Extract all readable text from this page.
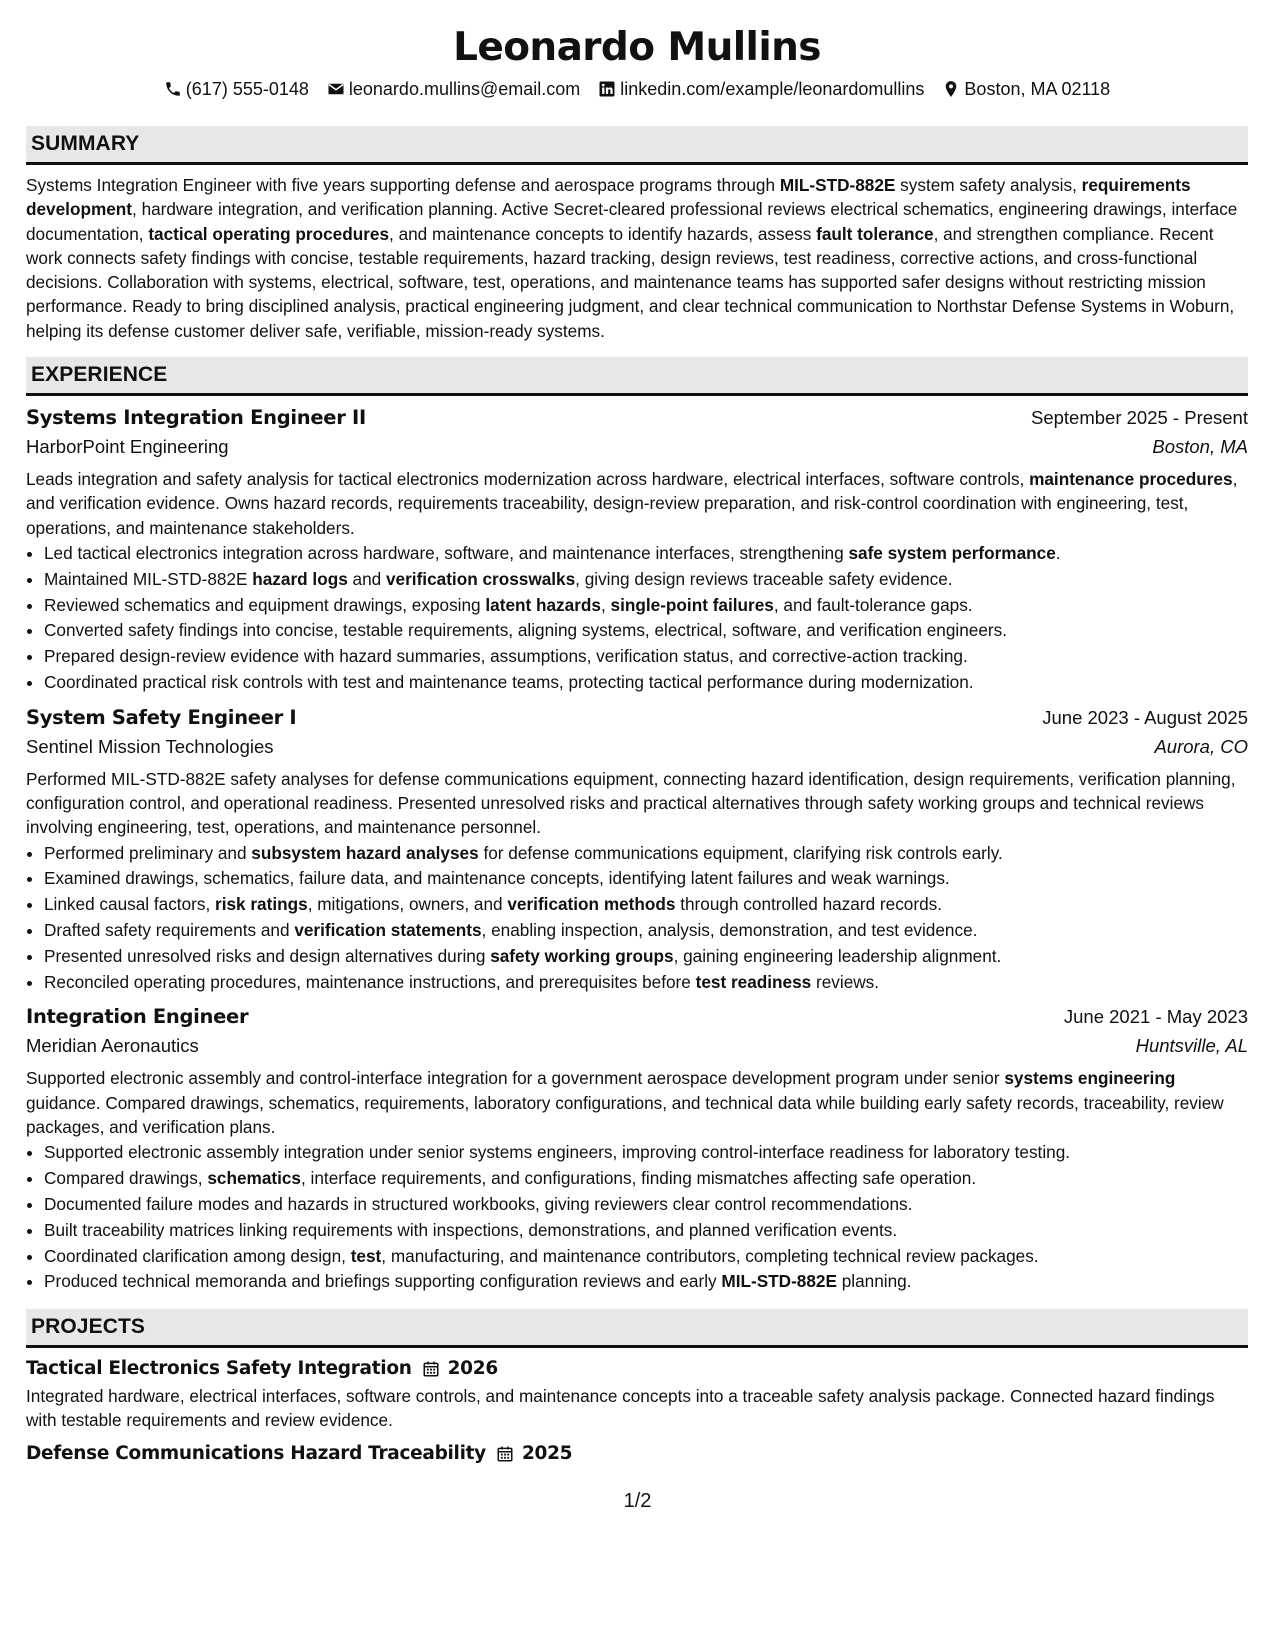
Leonardo Mullins
(617) 555-0148 leonardo.mullins@email.com linkedin.com/example/leonardomullins Boston, MA 02118
SUMMARY

Systems Integration Engineer with five years supporting defense and aerospace programs through MIL-STD-882E system safety analysis, requirements development, hardware integration, and verification planning. Active Secret-cleared professional reviews electrical schematics, engineering drawings, interface documentation, tactical operating procedures, and maintenance concepts to identify hazards, assess fault tolerance, and strengthen compliance. Recent work connects safety findings with concise, testable requirements, hazard tracking, design reviews, test readiness, corrective actions, and cross-functional decisions. Collaboration with systems, electrical, software, test, operations, and maintenance teams has supported safer designs without restricting mission performance. Ready to bring disciplined analysis, practical engineering judgment, and clear technical communication to Northstar Defense Systems in Woburn, helping its defense customer deliver safe, verifiable, mission-ready systems.

EXPERIENCE
Systems Integration Engineer II	September 2025 - Present
HarborPoint Engineering	Boston, MA

Leads integration and safety analysis for tactical electronics modernization across hardware, electrical interfaces, software controls, maintenance procedures, and verification evidence. Owns hazard records, requirements traceability, design-review preparation, and risk-control coordination with engineering, test, operations, and maintenance stakeholders.

• Led tactical electronics integration across hardware, software, and maintenance interfaces, strengthening safe system performance.
• Maintained MIL-STD-882E hazard logs and verification crosswalks, giving design reviews traceable safety evidence.
• Reviewed schematics and equipment drawings, exposing latent hazards, single-point failures, and fault-tolerance gaps.
• Converted safety findings into concise, testable requirements, aligning systems, electrical, software, and verification engineers.
• Prepared design-review evidence with hazard summaries, assumptions, verification status, and corrective-action tracking.
• Coordinated practical risk controls with test and maintenance teams, protecting tactical performance during modernization.
System Safety Engineer I	June 2023 - August 2025
Sentinel Mission Technologies	Aurora, CO

Performed MIL-STD-882E safety analyses for defense communications equipment, connecting hazard identification, design requirements, verification planning, configuration control, and operational readiness. Presented unresolved risks and practical alternatives through safety working groups and technical reviews involving engineering, test, operations, and maintenance personnel.

• Performed preliminary and subsystem hazard analyses for defense communications equipment, clarifying risk controls early.
• Examined drawings, schematics, failure data, and maintenance concepts, identifying latent failures and weak warnings.
• Linked causal factors, risk ratings, mitigations, owners, and verification methods through controlled hazard records.
• Drafted safety requirements and verification statements, enabling inspection, analysis, demonstration, and test evidence.
• Presented unresolved risks and design alternatives during safety working groups, gaining engineering leadership alignment.
• Reconciled operating procedures, maintenance instructions, and prerequisites before test readiness reviews.
Integration Engineer	June 2021 - May 2023
Meridian Aeronautics	Huntsville, AL

Supported electronic assembly and control-interface integration for a government aerospace development program under senior systems engineering guidance. Compared drawings, schematics, requirements, laboratory configurations, and technical data while building early safety records, traceability, review packages, and verification plans.

• Supported electronic assembly integration under senior systems engineers, improving control-interface readiness for laboratory testing.
• Compared drawings, schematics, interface requirements, and configurations, finding mismatches affecting safe operation.
• Documented failure modes and hazards in structured workbooks, giving reviewers clear control recommendations.
• Built traceability matrices linking requirements with inspections, demonstrations, and planned verification events.
• Coordinated clarification among design, test, manufacturing, and maintenance contributors, completing technical review packages.
• Produced technical memoranda and briefings supporting configuration reviews and early MIL-STD-882E planning.
PROJECTS
Tactical Electronics Safety Integration 2026

Integrated hardware, electrical interfaces, software controls, and maintenance concepts into a traceable safety analysis package. Connected hazard findings with testable requirements and review evidence.

Defense Communications Hazard Traceability 2025
1/2
